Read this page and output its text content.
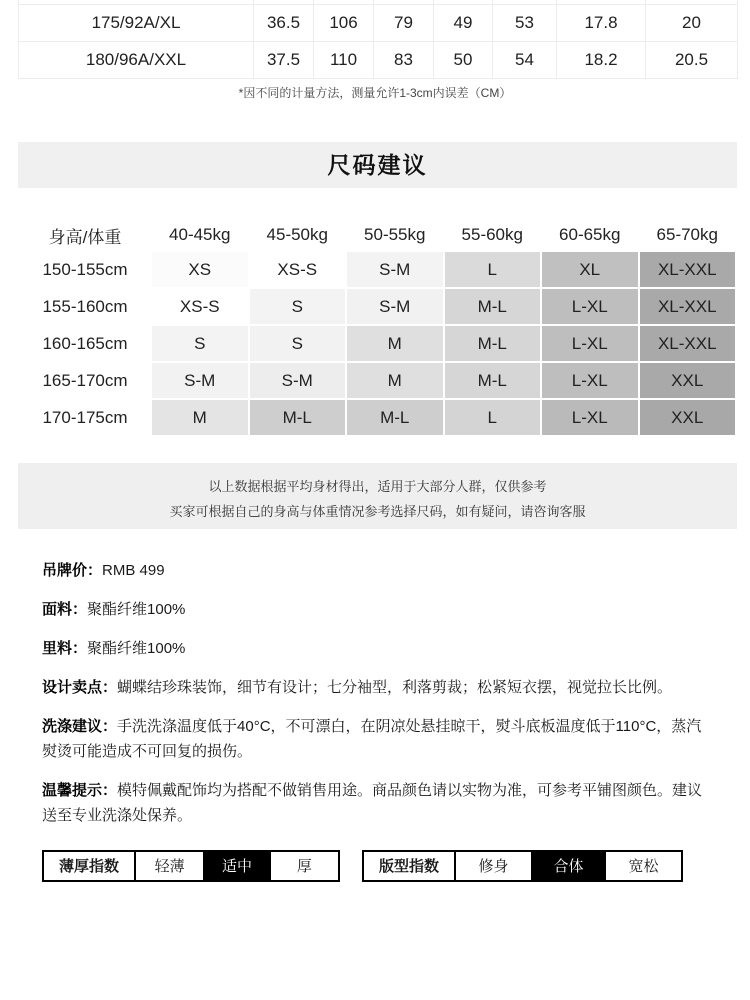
175/92A/XL	36.5	106	79	49	53	17.8	20
180/96A/XXL	37.5	110	83	50	54	18.2	20.5
*因不同的计量方法，测量允许1-3cm内误差（CM）
尺码建议
身高/体重	40-45kg	45-50kg	50-55kg	55-60kg	60-65kg	65-70kg
150-155cm	XS	XS-S	S-M	L	XL	XL-XXL
155-160cm	XS-S	S	S-M	M-L	L-XL	XL-XXL
160-165cm	S	S	M	M-L	L-XL	XL-XXL
165-170cm	S-M	S-M	M	M-L	L-XL	XXL
170-175cm	M	M-L	M-L	L	L-XL	XXL
以上数据根据平均身材得出，适用于大部分人群，仅供参考
买家可根据自己的身高与体重情况参考选择尺码，如有疑问，请咨询客服

吊牌价：RMB 499

面料：聚酯纤维100%

里料：聚酯纤维100%

设计卖点：蝴蝶结珍珠装饰，细节有设计；七分袖型，利落剪裁；松紧短衣摆，视觉拉长比例。

洗涤建议：手洗洗涤温度低于40°C，不可漂白，在阴凉处悬挂晾干，熨斗底板温度低于110°C，蒸汽熨烫可能造成不可回复的损伤。

温馨提示：模特佩戴配饰均为搭配不做销售用途。商品颜色请以实物为准，可参考平铺图颜色。建议送至专业洗涤处保养。

薄厚指数	轻薄	适中	厚	版型指数	修身	合体	宽松
